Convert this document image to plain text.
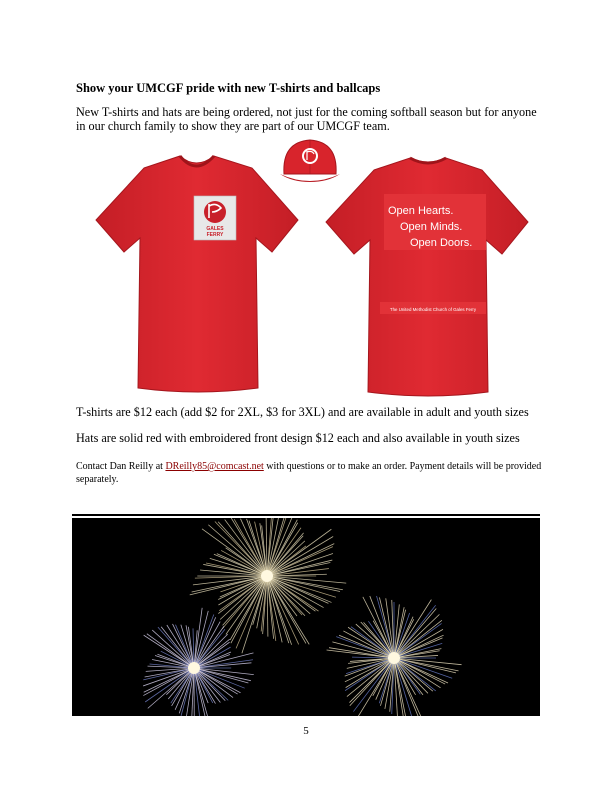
Show your UMCGF pride with new T-shirts and ballcaps

New T-shirts and hats are being ordered, not just for the coming softball season but for anyone in our church family to show they are part of our UMCGF team.

GALES
FERRY
Open Hearts.
Open Minds.
Open Doors.
The United Methodist Church of Gales Ferry

T-shirts are $12 each (add $2 for 2XL, $3 for 3XL) and are available in adult and youth sizes

Hats are solid red with embroidered front design $12 each and also available in youth sizes

Contact Dan Reilly at DReilly85@comcast.net with questions or to make an order. Payment details will be provided separately.

5
